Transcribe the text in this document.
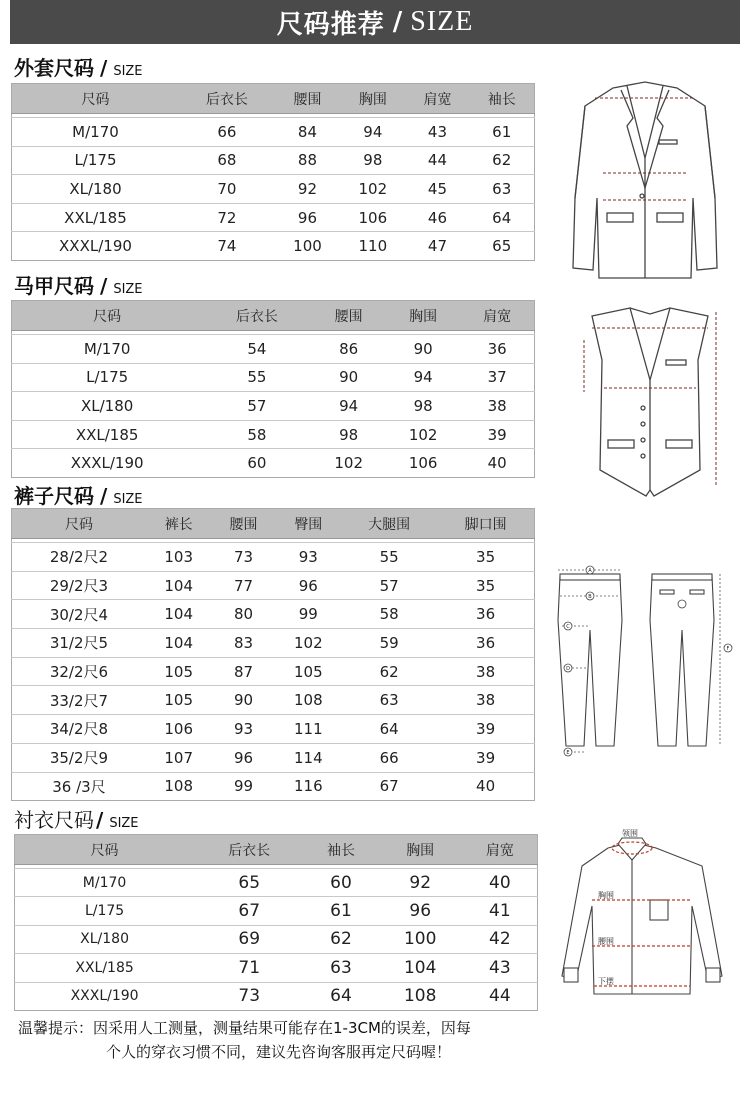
尺码推荐 / SIZE
外套尺码 / SIZE
尺码	后衣长	腰围	胸围	肩宽	袖长

M/170	66	84	94	43	61
L/175	68	88	98	44	62
XL/180	70	92	102	45	63
XXL/185	72	96	106	46	64
XXXL/190	74	100	110	47	65
马甲尺码 / SIZE
尺码	后衣长	腰围	胸围	肩宽

M/170	54	86	90	36
L/175	55	90	94	37
XL/180	57	94	98	38
XXL/185	58	98	102	39
XXXL/190	60	102	106	40
裤子尺码 / SIZE
尺码	裤长	腰围	臀围	大腿围	脚口围

28/2尺2	103	73	93	55	35
29/2尺3	104	77	96	57	35
30/2尺4	104	80	99	58	36
31/2尺5	104	83	102	59	36
32/2尺6	105	87	105	62	38
33/2尺7	105	90	108	63	38
34/2尺8	106	93	111	64	39
35/2尺9	107	96	114	66	39
36 /3尺	108	99	116	67	40
A
B
C
D
E
F
衬衣尺码 / SIZE
尺码	后衣长	袖长	胸围	肩宽

M/170	65	60	92	40
L/175	67	61	96	41
XL/180	69	62	100	42
XXL/185	71	63	104	43
XXXL/190	73	64	108	44
领围
胸围
腰围
下摆
温馨提示：因采用人工测量，测量结果可能存在1-3CM的误差，因每
个人的穿衣习惯不同，建议先咨询客服再定尺码喔！
